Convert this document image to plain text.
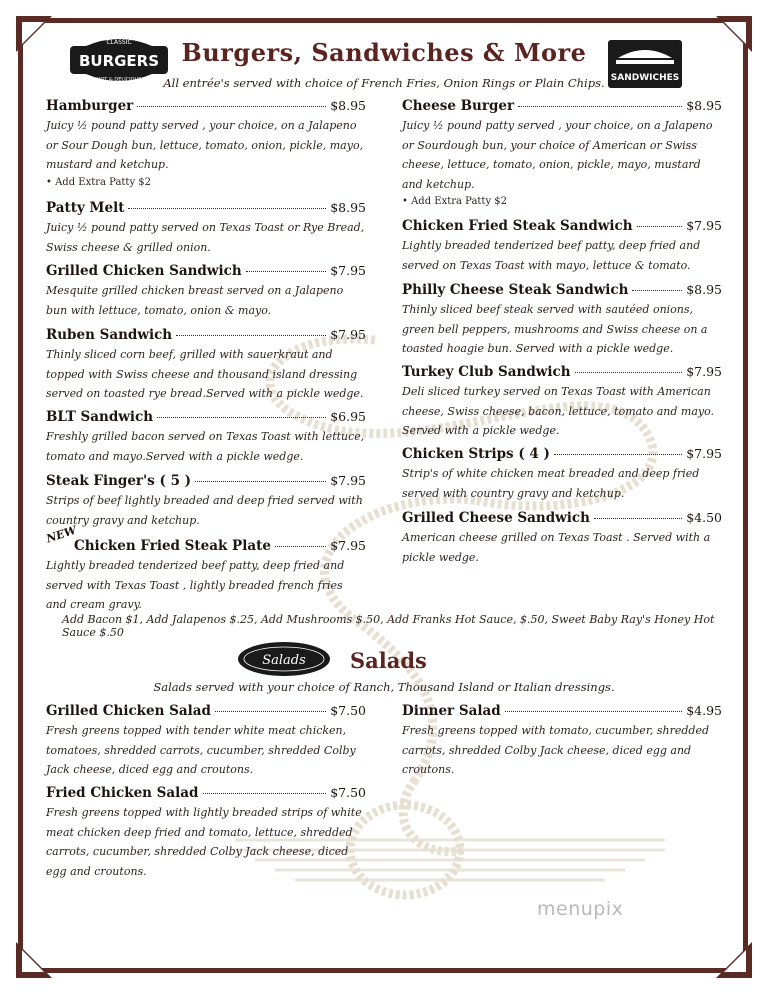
CLASSIC
BURGERS
HOT & DELICIOUS	SANDWICHES
Burgers, Sandwiches & More
All entrée's served with choice of French Fries, Onion Rings or Plain Chips.
Hamburger	$8.95
Juicy ½ pound patty served , your choice, on a Jalapeno or Sour Dough bun, lettuce, tomato, onion, pickle, mayo, mustard and ketchup.
• Add Extra Patty $2
Patty Melt	$8.95
Juicy ½ pound patty served on Texas Toast or Rye Bread, Swiss cheese & grilled onion.
Grilled Chicken Sandwich	$7.95
Mesquite grilled chicken breast served on a Jalapeno bun with lettuce, tomato, onion & mayo.
Ruben Sandwich	$7.95
Thinly sliced corn beef, grilled with sauerkraut and topped with Swiss cheese and thousand island dressing served on toasted rye bread.Served with a pickle wedge.
BLT Sandwich	$6.95
Freshly grilled bacon served on Texas Toast with lettuce, tomato and mayo.Served with a pickle wedge.
Steak Finger's ( 5 )	$7.95
Strips of beef lightly breaded and deep fried served with country gravy and ketchup.
NEW
Chicken Fried Steak Plate	$7.95
Lightly breaded tenderized beef patty, deep fried and served with Texas Toast , lightly breaded french fries and cream gravy.
Cheese Burger	$8.95
Juicy ½ pound patty served , your choice, on a Jalapeno or Sourdough bun, your choice of American or Swiss cheese, lettuce, tomato, onion, pickle, mayo, mustard and ketchup.
• Add Extra Patty $2
Chicken Fried Steak Sandwich	$7.95
Lightly breaded tenderized beef patty, deep fried and served on Texas Toast with mayo, lettuce & tomato.
Philly Cheese Steak Sandwich	$8.95
Thinly sliced beef steak served with sautéed onions, green bell peppers, mushrooms and Swiss cheese on a toasted hoagie bun. Served with a pickle wedge.
Turkey Club Sandwich	$7.95
Deli sliced turkey served on Texas Toast with American cheese, Swiss cheese, bacon, lettuce, tomato and mayo. Served with a pickle wedge.
Chicken Strips ( 4 )	$7.95
Strip's of white chicken meat breaded and deep fried served with country gravy and ketchup.
Grilled Cheese Sandwich	$4.50
American cheese grilled on Texas Toast . Served with a pickle wedge.
Add Bacon $1, Add Jalapenos $.25, Add Mushrooms $.50, Add Franks Hot Sauce, $.50, Sweet Baby Ray's Honey Hot Sauce $.50
Salads Salads
Salads served with your choice of Ranch, Thousand Island or Italian dressings.
Grilled Chicken Salad	$7.50
Fresh greens topped with tender white meat chicken, tomatoes, shredded carrots, cucumber, shredded Colby Jack cheese, diced egg and croutons.
Fried Chicken Salad	$7.50
Fresh greens topped with lightly breaded strips of white meat chicken deep fried and tomato, lettuce, shredded carrots, cucumber, shredded Colby Jack cheese, diced egg and croutons.
Dinner Salad	$4.95
Fresh greens topped with tomato, cucumber, shredded carrots, shredded Colby Jack cheese, diced egg and croutons.
menupix
